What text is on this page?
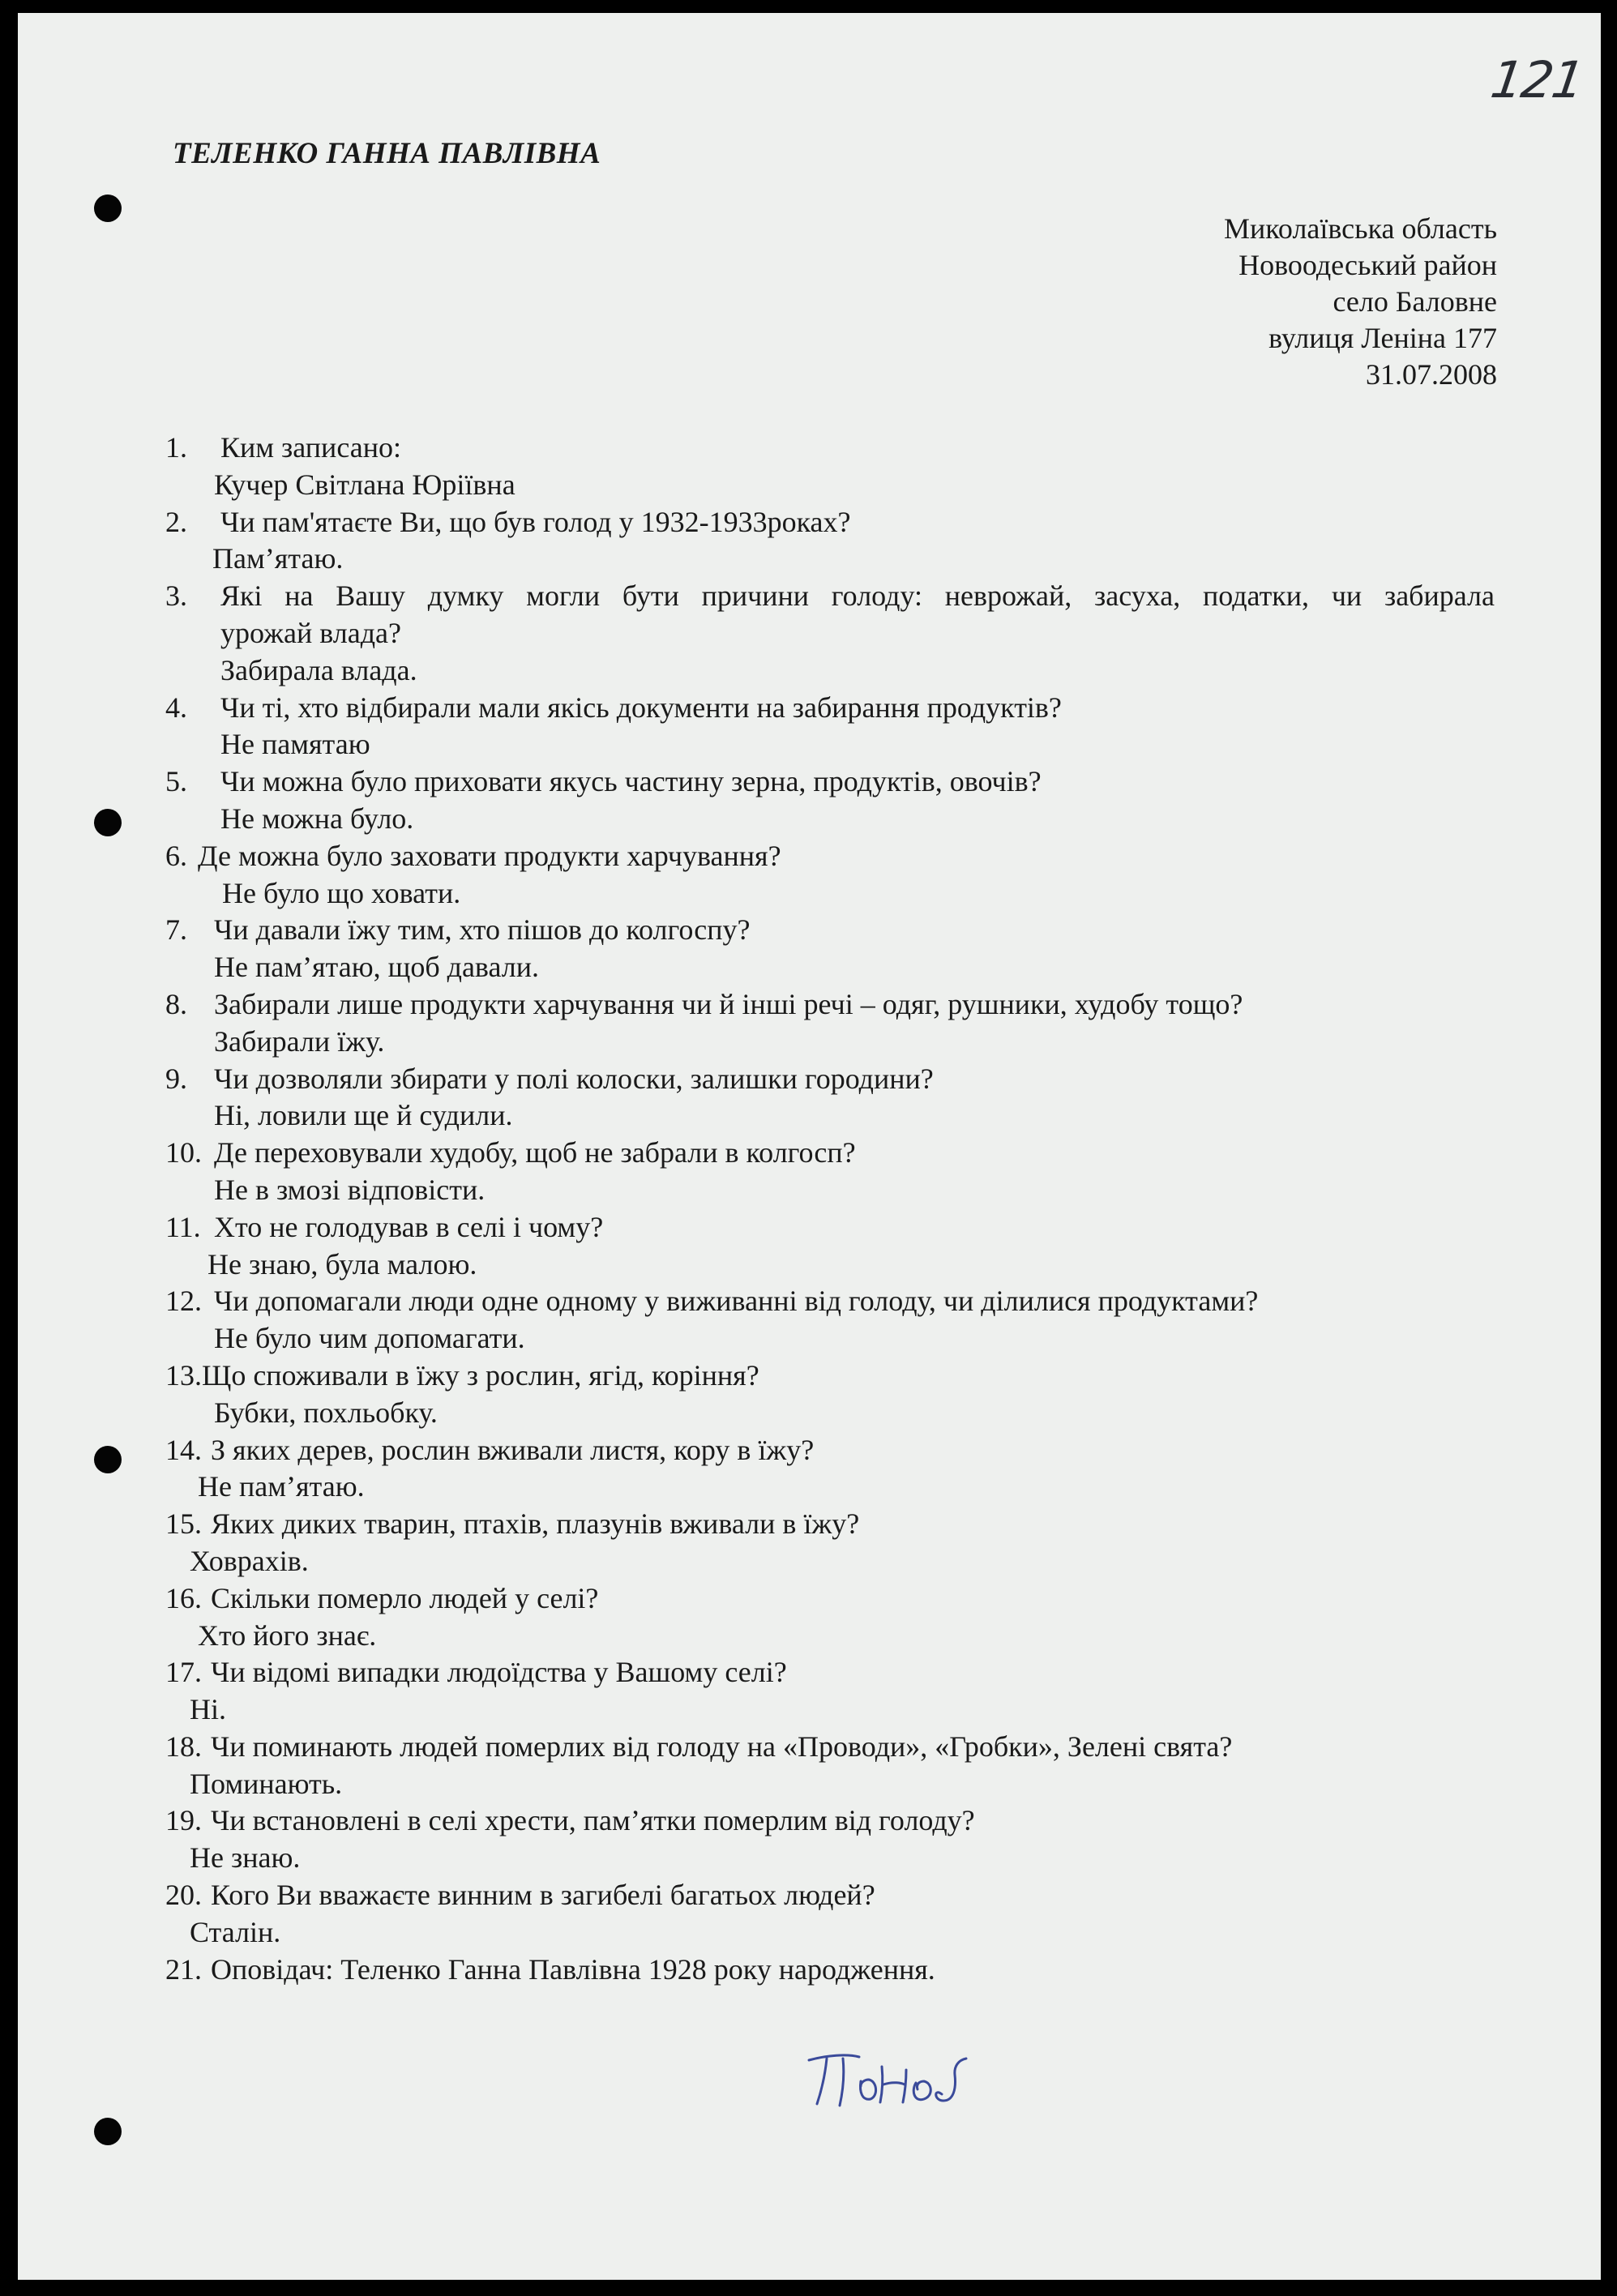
121
ТЕЛЕНКО ГАННА ПАВЛІВНА
Миколаївська область
Новоодеський район
село Баловне
вулиця Леніна 177
31.07.2008
1. Ким записано:
Кучер Світлана Юріївна
2. Чи пам'ятаєте Ви, що був голод у 1932-1933роках?
Пам’ятаю.
3.	Які на Вашу думку могли бути причини голоду: неврожай, засуха, податки, чи забирала
урожай влада?
Забирала влада.
4. Чи ті, хто відбирали мали якісь документи на забирання продуктів?
Не памятаю
5. Чи можна було приховати якусь частину зерна, продуктів, овочів?
Не можна було.
6. Де можна було заховати продукти харчування?
Не було що ховати.
7. Чи давали їжу тим, хто пішов до колгоспу?
Не пам’ятаю, щоб давали.
8. Забирали лише продукти харчування чи й інші речі – одяг, рушники, худобу тощо?
Забирали їжу.
9. Чи дозволяли збирати у полі колоски, залишки городини?
Ні, ловили ще й судили.
10. Де переховували худобу, щоб не забрали в колгосп?
Не в змозі відповісти.
11. Хто не голодував в селі і чому?
Не знаю, була малою.
12. Чи допомагали люди одне одному у виживанні від голоду, чи ділилися продуктами?
Не було чим допомагати.
13.Що споживали в їжу з рослин, ягід, коріння?
Бубки, похльобку.
14. З яких дерев, рослин вживали листя, кору в їжу?
Не пам’ятаю.
15. Яких диких тварин, птахів, плазунів вживали в їжу?
Ховрахів.
16. Скільки померло людей у селі?
Хто його знає.
17. Чи відомі випадки людоїдства у Вашому селі?
Ні.
18. Чи поминають людей померлих від голоду на «Проводи», «Гробки», Зелені свята?
Поминають.
19. Чи встановлені в селі хрести, пам’ятки померлим від голоду?
Не знаю.
20. Кого Ви вважаєте винним в загибелі багатьох людей?
Сталін.
21. Оповідач: Теленко Ганна Павлівна 1928 року народження.
